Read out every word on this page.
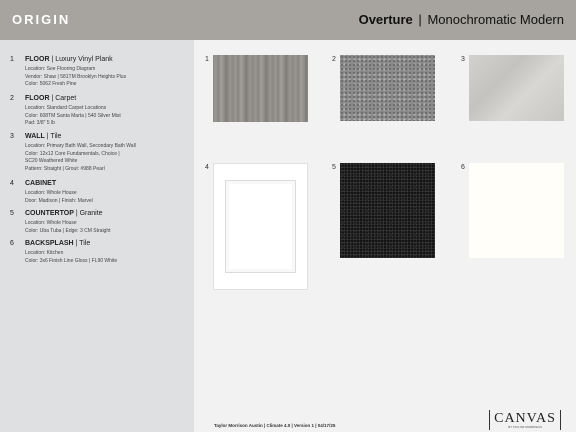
ORIGIN	Overture | Monochromatic Modern
1 FLOOR | Luxury Vinyl Plank
Location: See Flooring Diagram
Vendor: Shaw | 581TM Brooklyn Heights Plus
Color: 5062 Fresh Pine
2 FLOOR | Carpet
Location: Standard Carpet Locations
Color: 608TM Santa Marta | 540 Silver Mist
Pad: 3/8" 5 lb
3 WALL | Tile
Location: Primary Bath Wall, Secondary Bath Wall
Color: 12x12 Core Fundamentals, Choice |
SC20 Weathered White
Pattern: Straight | Grout: #988 Pearl
4 CABINET
Location: Whole House
Door: Madison | Finish: Marvel
5 COUNTERTOP | Granite
Location: Whole House
Color: Uba Tuba | Edge: 3 CM Straight
6 BACKSPLASH | Tile
Location: Kitchen
Color: 3x6 Finish Line Gloss | FL90 White
1	2	3
4	5	6
Taylor Morrison Austin | Climate 4.0 | Version 1 | 04/17/25	CANVAS
BY TAYLOR MORRISON
